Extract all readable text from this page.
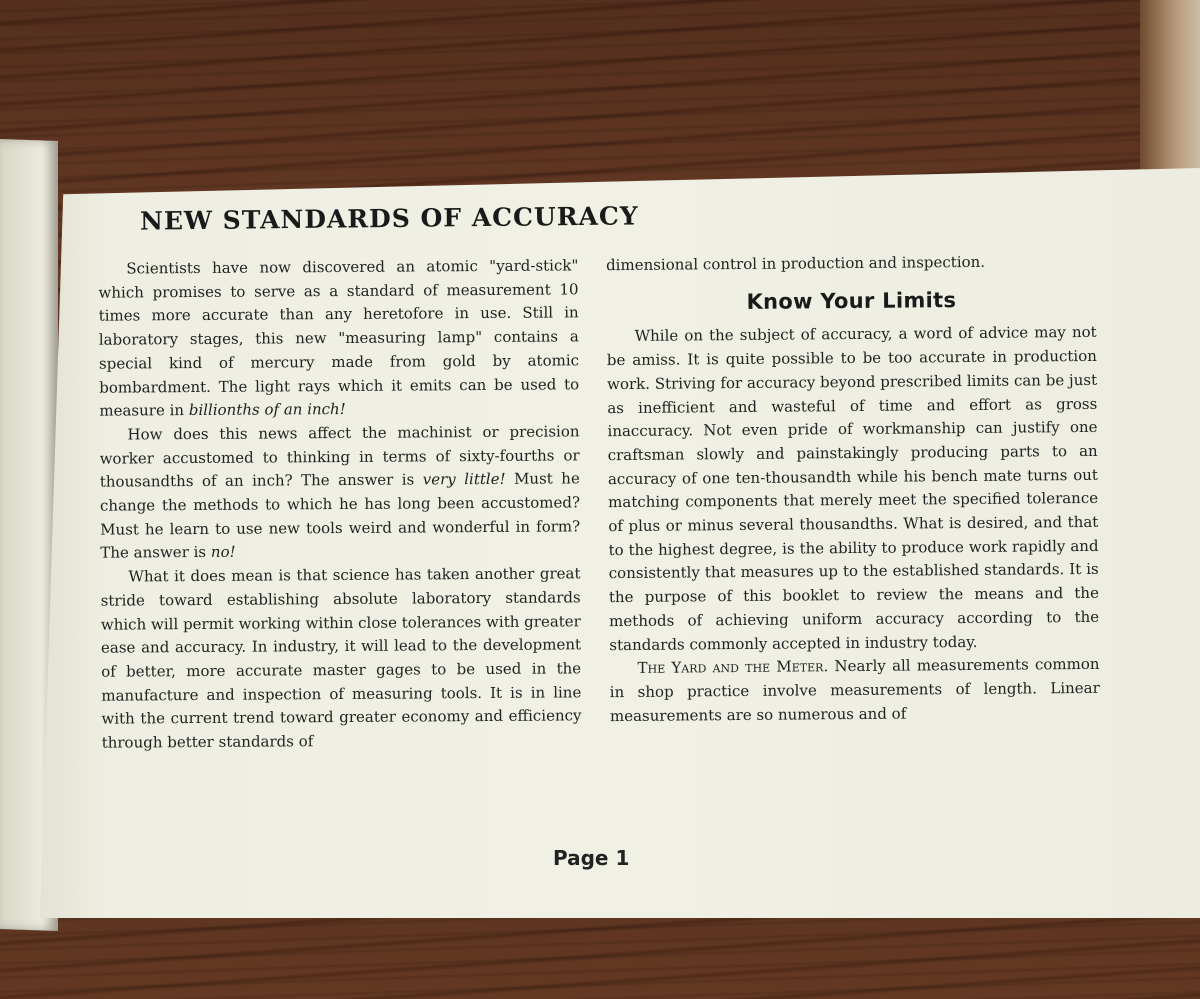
NEW STANDARDS OF ACCURACY

Scientists have now discovered an atomic "yard-stick" which promises to serve as a standard of measurement 10 times more accurate than any heretofore in use. Still in laboratory stages, this new "measuring lamp" contains a special kind of mercury made from gold by atomic bombardment. The light rays which it emits can be used to measure in billionths of an inch!

How does this news affect the machinist or precision worker accustomed to thinking in terms of sixty-fourths or thousandths of an inch? The answer is very little! Must he change the methods to which he has long been accustomed? Must he learn to use new tools weird and wonderful in form? The answer is no!

What it does mean is that science has taken another great stride toward establishing absolute laboratory standards which will permit working within close tolerances with greater ease and accuracy. In industry, it will lead to the development of better, more accurate master gages to be used in the manufacture and inspection of measuring tools. It is in line with the current trend toward greater economy and efficiency through better standards of

dimensional control in production and inspection.

Know Your Limits

While on the subject of accuracy, a word of advice may not be amiss. It is quite possible to be too accurate in production work. Striving for accuracy beyond prescribed limits can be just as inefficient and wasteful of time and effort as gross inaccuracy. Not even pride of workmanship can justify one craftsman slowly and painstakingly producing parts to an accuracy of one ten-thousandth while his bench mate turns out matching components that merely meet the specified tolerance of plus or minus several thousandths. What is desired, and that to the highest degree, is the ability to produce work rapidly and consistently that measures up to the established standards. It is the purpose of this booklet to review the means and the methods of achieving uniform accuracy according to the standards commonly accepted in industry today.

The Yard and the Meter. Nearly all measurements common in shop practice involve measurements of length. Linear measurements are so numerous and of

Page 1
